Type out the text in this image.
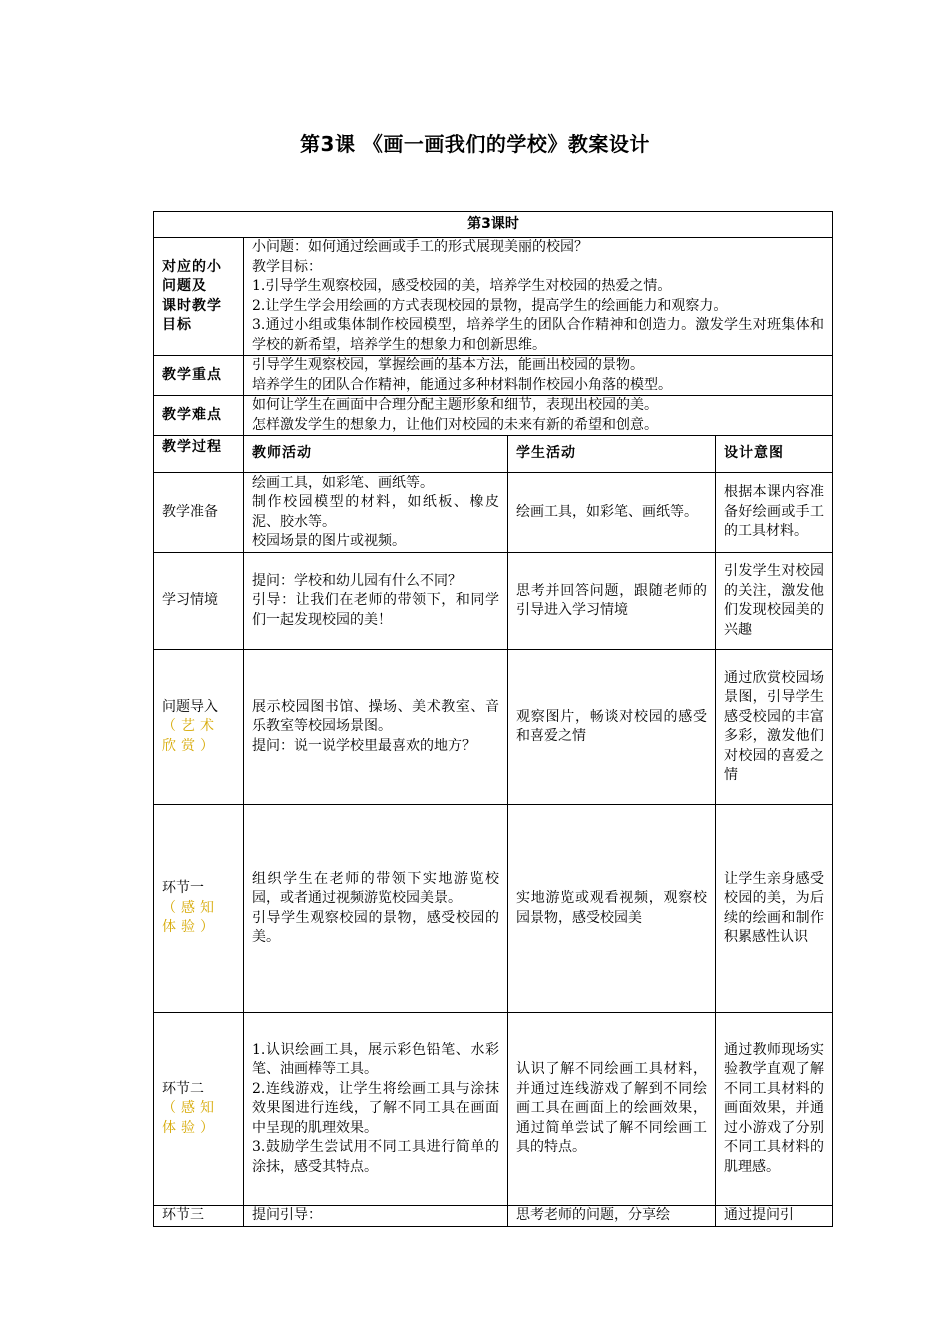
第3课 《画一画我们的学校》教案设计
第3课时			

对应的小
问题及
课时教学
目标	小问题：如何通过绘画或手工的形式展现美丽的校园？
教学目标：
1.引导学生观察校园，感受校园的美，培养学生对校园的热爱之情。
2.让学生学会用绘画的方式表现校园的景物，提高学生的绘画能力和观察力。
3.通过小组或集体制作校园模型，培养学生的团队合作精神和创造力。激发学生对班集体和学校的新希望，培养学生的想象力和创新思维。		

教学重点	引导学生观察校园，掌握绘画的基本方法，能画出校园的景物。
培养学生的团队合作精神，能通过多种材料制作校园小角落的模型。		

教学难点	如何让学生在画面中合理分配主题形象和细节，表现出校园的美。
怎样激发学生的想象力，让他们对校园的未来有新的希望和创意。		

教学过程	教师活动	学生活动	设计意图
教学准备	绘画工具，如彩笔、画纸等。
制作校园模型的材料，如纸板、橡皮泥、胶水等。
校园场景的图片或视频。	绘画工具，如彩笔、画纸等。	根据本课内容准备好绘画或手工的工具材料。
学习情境	提问：学校和幼儿园有什么不同？
引导：让我们在老师的带领下，和同学们一起发现校园的美！	思考并回答问题，跟随老师的引导进入学习情境	引发学生对校园的关注，激发他们发现校园美的兴趣

问题导入
（艺术欣赏）	展示校园图书馆、操场、美术教室、音乐教室等校园场景图。
提问：说一说学校里最喜欢的地方？	观察图片，畅谈对校园的感受和喜爱之情	通过欣赏校园场景图，引导学生感受校园的丰富多彩，激发他们对校园的喜爱之情

环节一
（感知体验）	组织学生在老师的带领下实地游览校园，或者通过视频游览校园美景。
引导学生观察校园的景物，感受校园的美。	实地游览或观看视频，观察校园景物，感受校园美	让学生亲身感受校园的美，为后续的绘画和制作积累感性认识

环节二
（感知体验）	1.认识绘画工具，展示彩色铅笔、水彩笔、油画棒等工具。
2.连线游戏，让学生将绘画工具与涂抹效果图进行连线，了解不同工具在画面中呈现的肌理效果。
3.鼓励学生尝试用不同工具进行简单的涂抹，感受其特点。	认识了解不同绘画工具材料，并通过连线游戏了解到不同绘画工具在画面上的绘画效果，通过简单尝试了解不同绘画工具的特点。	通过教师现场实验教学直观了解不同工具材料的画面效果，并通过小游戏了分别不同工具材料的肌理感。
环节三	提问引导：	思考老师的问题，分享绘	通过提问引
